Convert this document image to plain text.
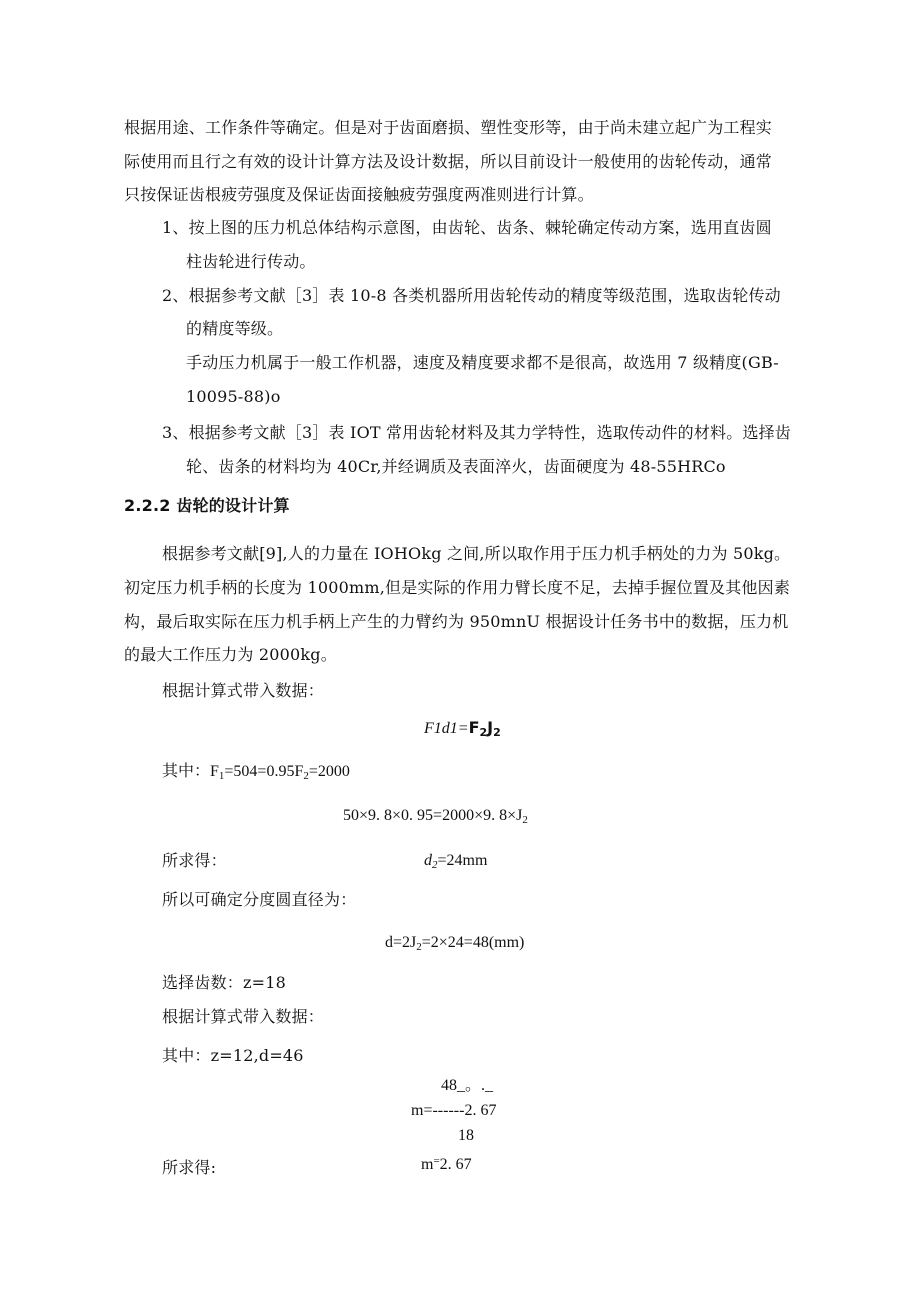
根据用途、工作条件等确定。但是对于齿面磨损、塑性变形等，由于尚未建立起广为工程实
际使用而且行之有效的设计计算方法及设计数据，所以目前设计一般使用的齿轮传动，通常
只按保证齿根疲劳强度及保证齿面接触疲劳强度两准则进行计算。
1、按上图的压力机总体结构示意图，由齿轮、齿条、棘轮确定传动方案，选用直齿圆
柱齿轮进行传动。
2、根据参考文献［3］表 10-8 各类机器所用齿轮传动的精度等级范围，选取齿轮传动
的精度等级。
手动压力机属于一般工作机器，速度及精度要求都不是很高，故选用 7 级精度(GB-
10095-88)o
3、根据参考文献［3］表 IOT 常用齿轮材料及其力学特性，选取传动件的材料。选择齿
轮、齿条的材料均为 40Cr,并经调质及表面淬火，齿面硬度为 48-55HRCo
2.2.2 齿轮的设计计算
根据参考文献[9],人的力量在 IOHOkg 之间,所以取作用于压力机手柄处的力为 50kg。
初定压力机手柄的长度为 1000mm,但是实际的作用力臂长度不足，去掉手握位置及其他因素
构，最后取实际在压力机手柄上产生的力臂约为 950mnU 根据设计任务书中的数据，压力机
的最大工作压力为 2000kg。
根据计算式带入数据：
$F1d1=F_2J_2$
其中：$F_1=504=0.95F_2=2000$
50×9. 8×0. 95=2000×9. $8\times J_2$
所求得：	$d_2=24mm$
所以可确定分度圆直径为：
$d=2J_2=2\times 24=48(mm)$
选择齿数：z=18
根据计算式带入数据：
其中：z=12,d=46
48_。._
m=------2. 67
18
所求得:	m=2. 67
